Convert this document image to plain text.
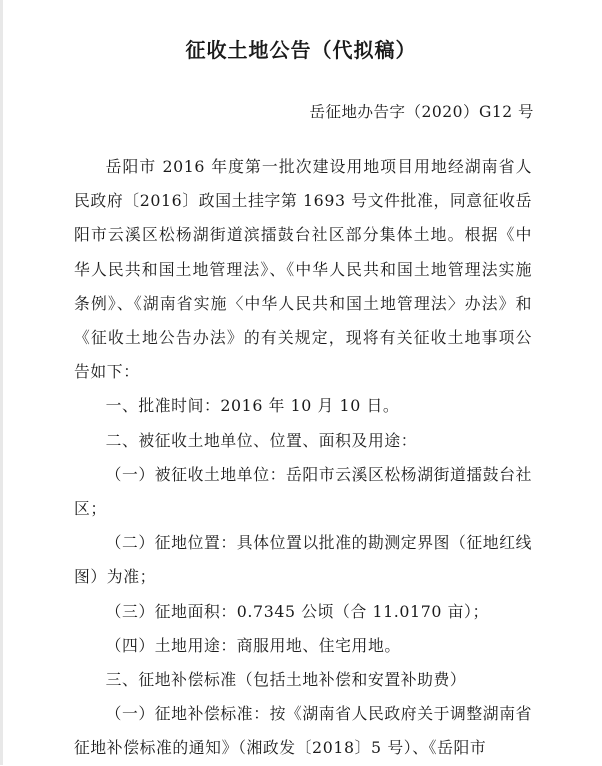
征收土地公告（代拟稿）
岳征地办告字（2020）G12 号

岳阳市 2016 年度第一批次建设用地项目用地经湖南省人民政府〔2016〕政国土挂字第 1693 号文件批准，同意征收岳阳市云溪区松杨湖街道滨擂鼓台社区部分集体土地。根据《中华人民共和国土地管理法》、《中华人民共和国土地管理法实施条例》、《湖南省实施〈中华人民共和国土地管理法〉办法》和《征收土地公告办法》的有关规定，现将有关征收土地事项公告如下：

一、批准时间：2016 年 10 月 10 日。

二、被征收土地单位、位置、面积及用途：

（一）被征收土地单位：岳阳市云溪区松杨湖街道擂鼓台社区；

（二）征地位置：具体位置以批准的勘测定界图（征地红线图）为准；

（三）征地面积：0.7345 公顷（合 11.0170 亩）；

（四）土地用途：商服用地、住宅用地。

三、征地补偿标准（包括土地补偿和安置补助费）

（一）征地补偿标准：按《湖南省人民政府关于调整湖南省征地补偿标准的通知》（湘政发〔2018〕5 号）、《岳阳市
